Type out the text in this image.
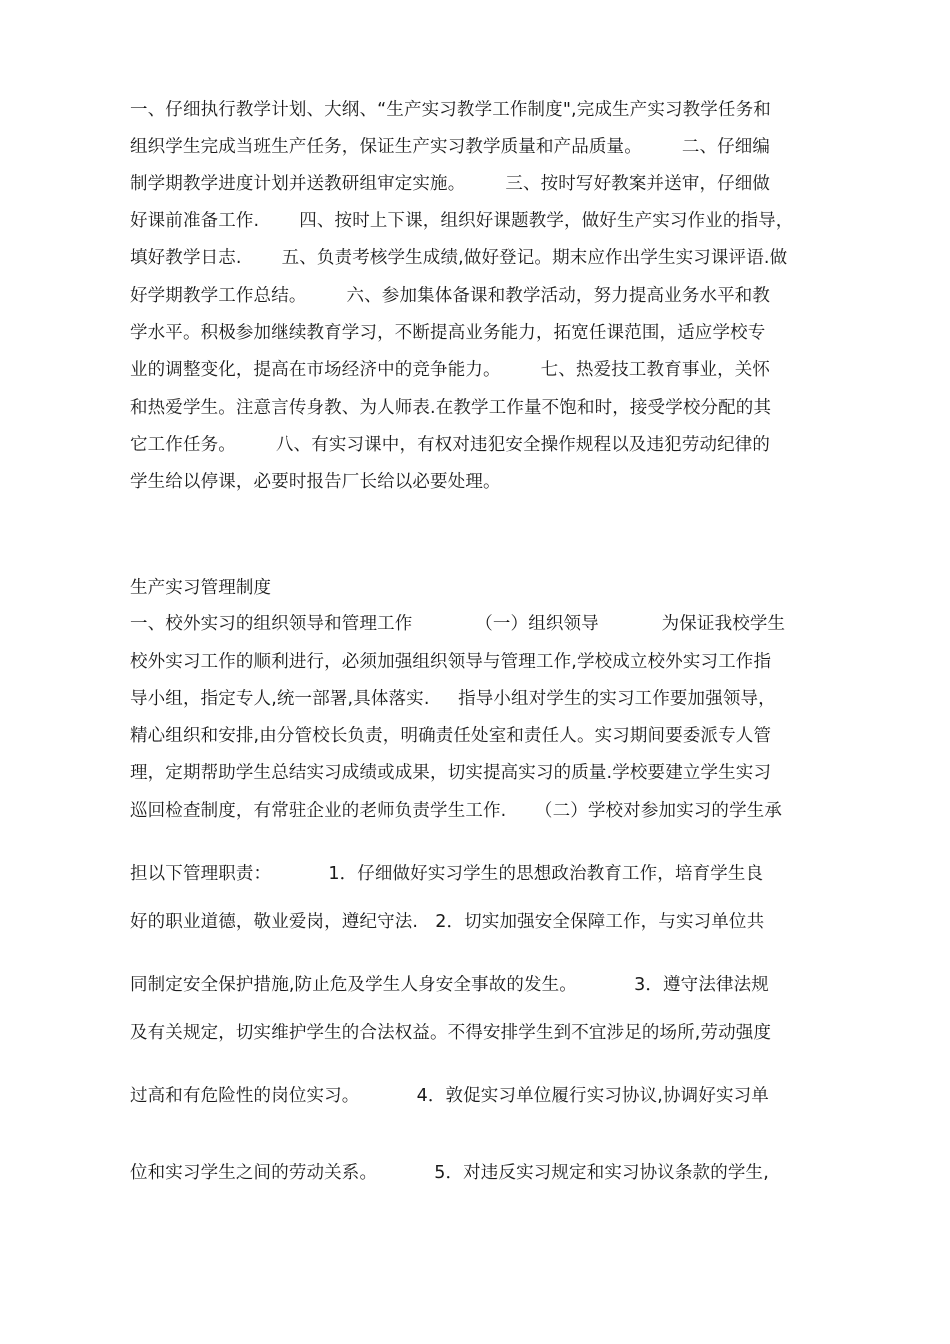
一、仔细执行教学计划、大纲、“生产实习教学工作制度",完成生产实习教学任务和
组织学生完成当班生产任务，保证生产实习教学质量和产品质量。       二、仔细编
制学期教学进度计划并送教研组审定实施。       三、按时写好教案并送审，仔细做
好课前准备工作.       四、按时上下课，组织好课题教学，做好生产实习作业的指导，
填好教学日志.       五、负责考核学生成绩,做好登记。期末应作出学生实习课评语.做
好学期教学工作总结。       六、参加集体备课和教学活动，努力提高业务水平和教
学水平。积极参加继续教育学习，不断提高业务能力，拓宽任课范围，适应学校专
业的调整变化，提高在市场经济中的竞争能力。       七、热爱技工教育事业，关怀
和热爱学生。注意言传身教、为人师表.在教学工作量不饱和时，接受学校分配的其
它工作任务。       八、有实习课中，有权对违犯安全操作规程以及违犯劳动纪律的
学生给以停课，必要时报告厂长给以必要处理。
生产实习管理制度
一、校外实习的组织领导和管理工作           （一）组织领导           为保证我校学生
校外实习工作的顺利进行，必须加强组织领导与管理工作,学校成立校外实习工作指
导小组，指定专人,统一部署,具体落实.     指导小组对学生的实习工作要加强领导，
精心组织和安排,由分管校长负责，明确责任处室和责任人。实习期间要委派专人管
理，定期帮助学生总结实习成绩或成果，切实提高实习的质量.学校要建立学生实习
巡回检查制度，有常驻企业的老师负责学生工作.     （二）学校对参加实习的学生承
担以下管理职责：          1．仔细做好实习学生的思想政治教育工作，培育学生良
好的职业道德，敬业爱岗，遵纪守法.   2．切实加强安全保障工作，与实习单位共
同制定安全保护措施,防止危及学生人身安全事故的发生。          3．遵守法律法规
及有关规定，切实维护学生的合法权益。不得安排学生到不宜涉足的场所,劳动强度
过高和有危险性的岗位实习。          4．敦促实习单位履行实习协议,协调好实习单
位和实习学生之间的劳动关系。          5．对违反实习规定和实习协议条款的学生,
